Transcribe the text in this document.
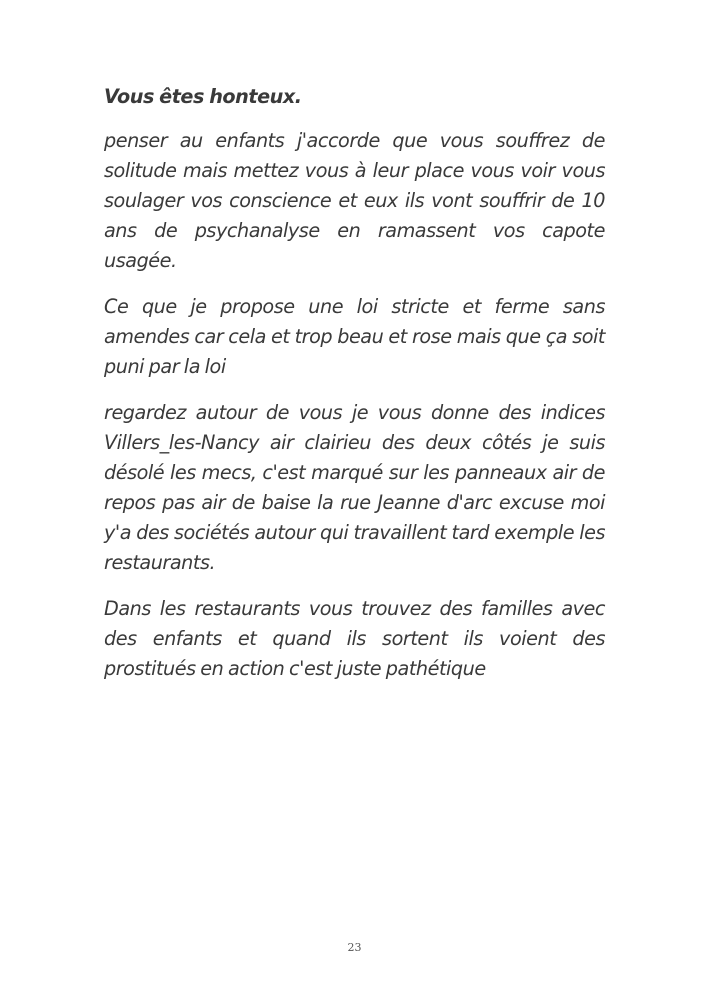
Vous êtes honteux.

penser au enfants j'accorde que vous souffrez de solitude mais mettez vous à leur place vous voir vous soulager vos conscience et eux ils vont souffrir de 10 ans de psychanalyse en ramassent vos capote usagée.

Ce que je propose une loi stricte et ferme sans amendes car cela et trop beau et rose mais que ça soit puni par la loi

regardez autour de vous je vous donne des indices Villers_les-Nancy air clairieu des deux côtés je suis désolé les mecs, c'est marqué sur les panneaux air de repos pas air de baise la rue Jeanne d'arc excuse moi y'a des sociétés autour qui travaillent tard exemple les restaurants.

Dans les restaurants vous trouvez des familles avec des enfants et quand ils sortent ils voient des prostitués en action c'est juste pathétique

23
